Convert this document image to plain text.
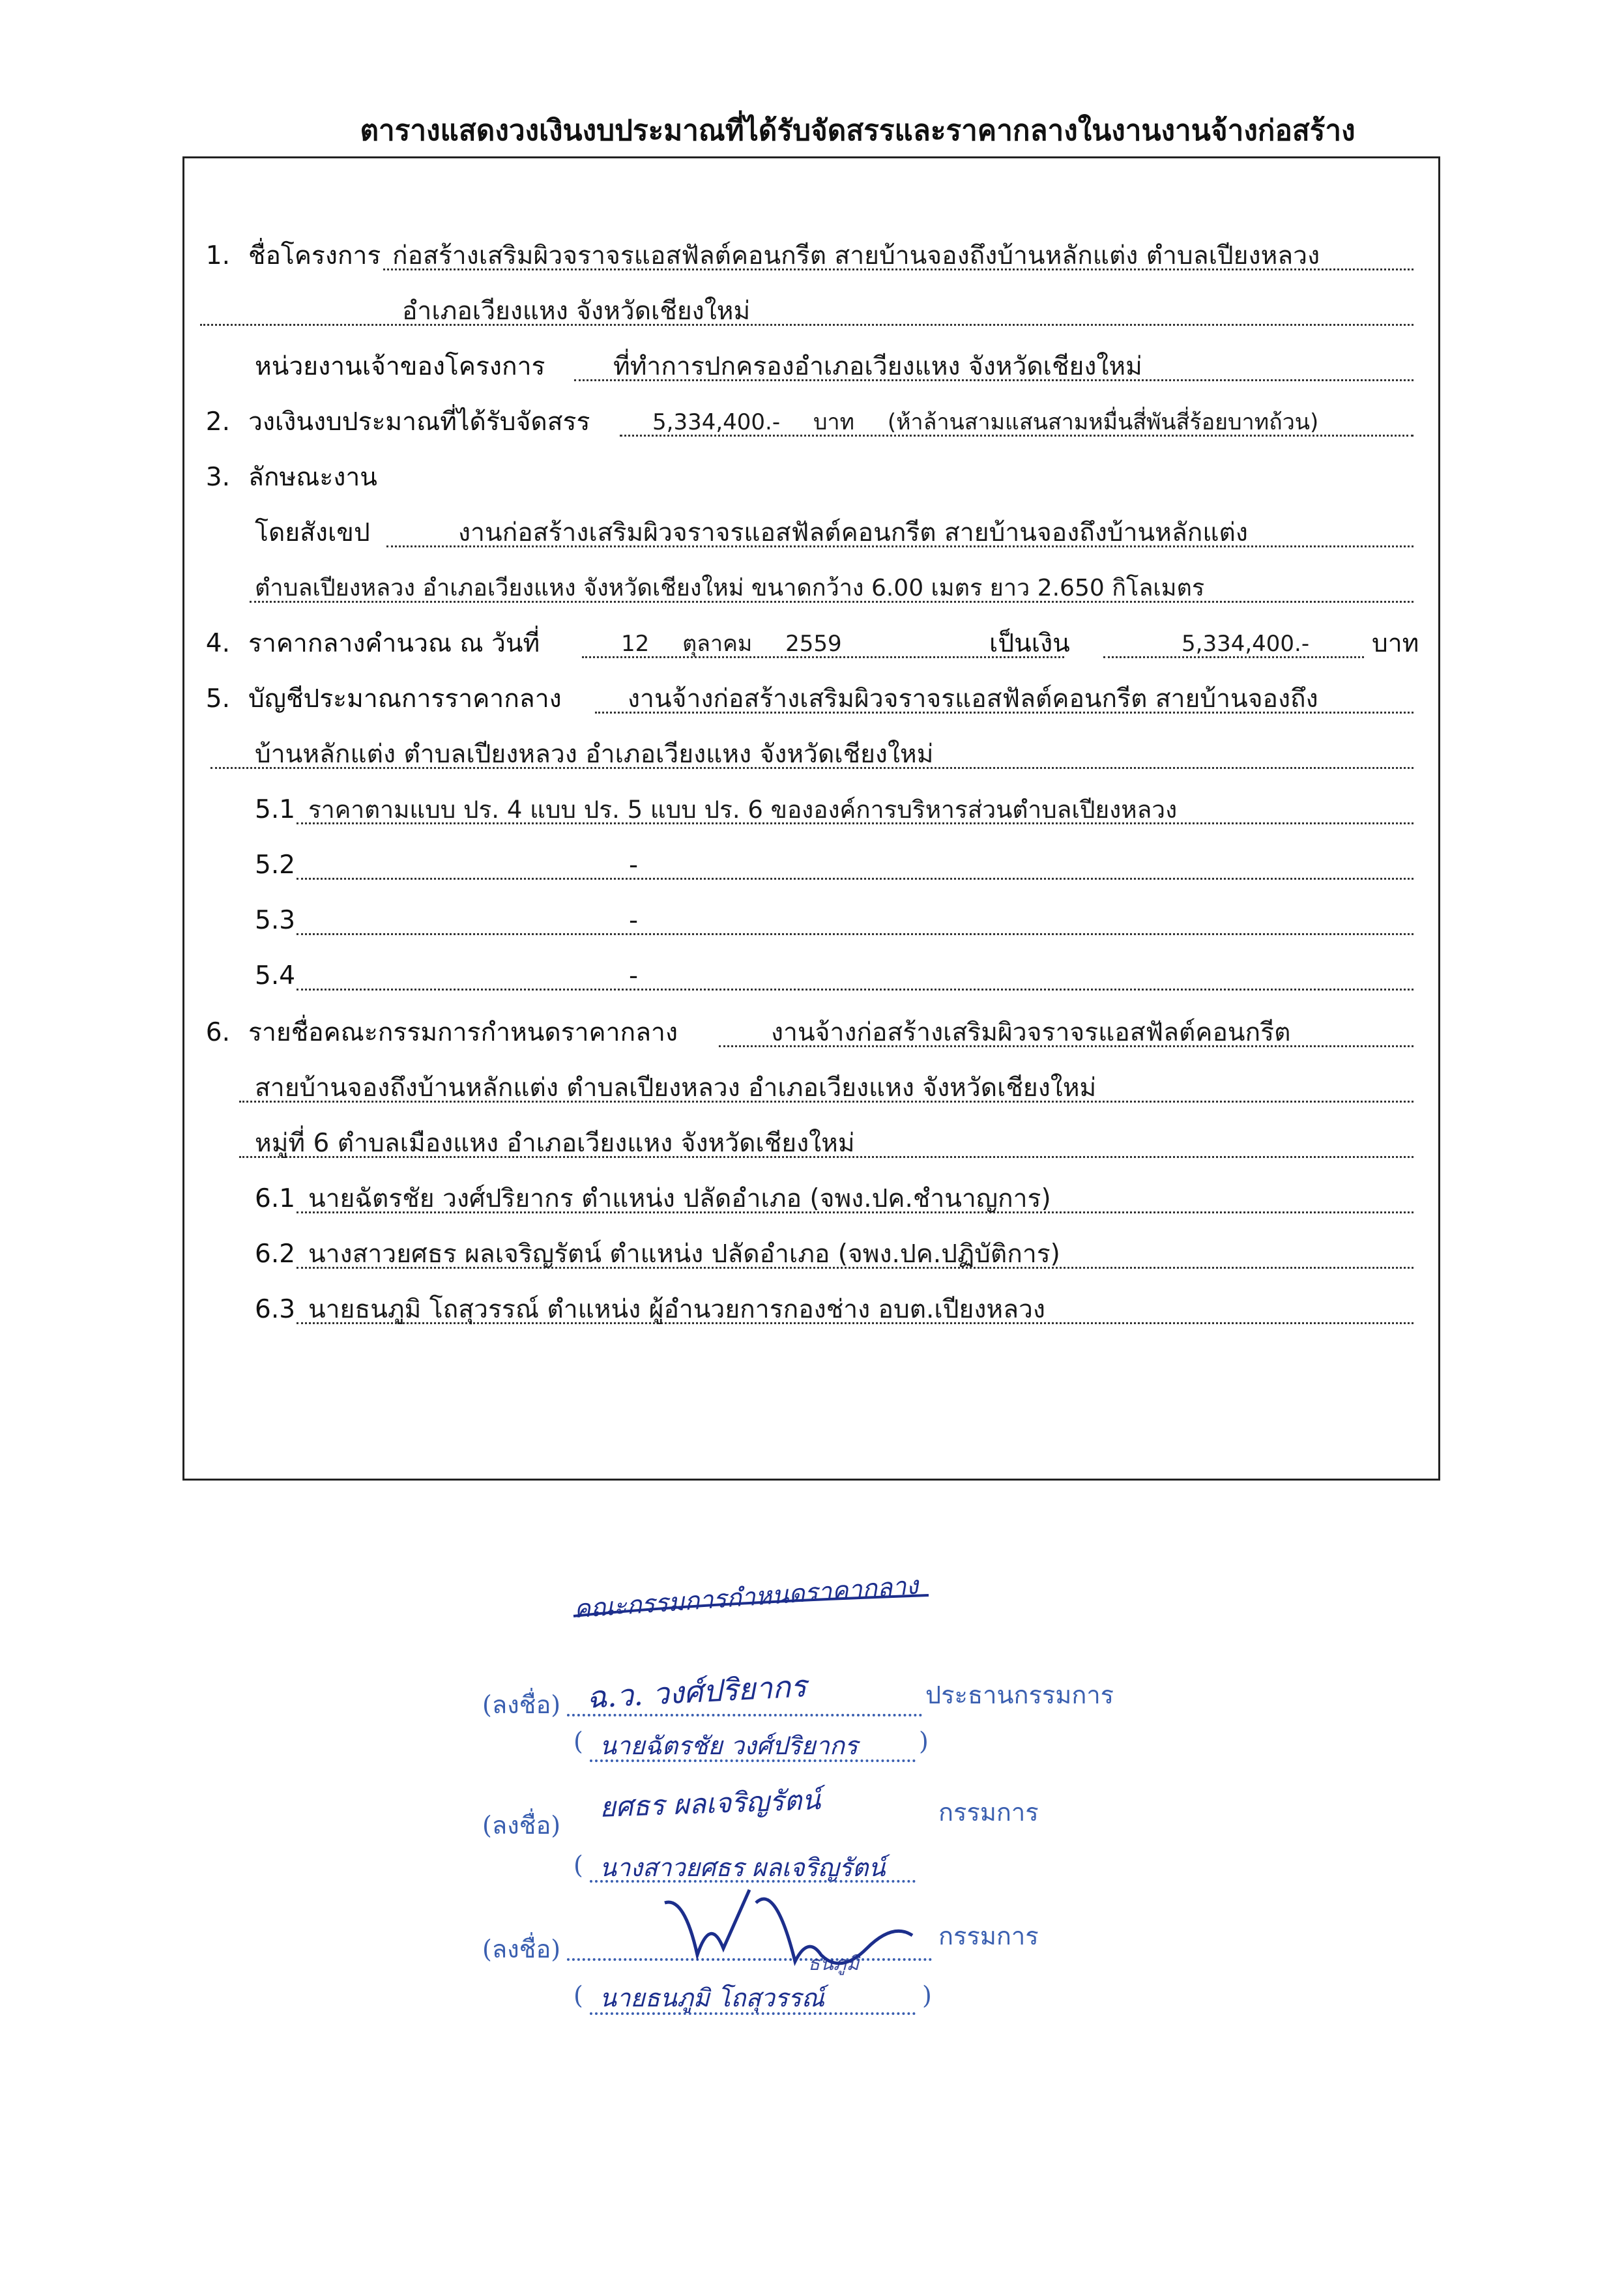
ตารางแสดงวงเงินงบประมาณที่ได้รับจัดสรรและราคากลางในงานงานจ้างก่อสร้าง
1. ชื่อโครงการ ก่อสร้างเสริมผิวจราจรแอสฟัลต์คอนกรีต สายบ้านจองถึงบ้านหลักแต่ง ตำบลเปียงหลวง
อำเภอเวียงแหง จังหวัดเชียงใหม่
หน่วยงานเจ้าของโครงการ	ที่ทำการปกครองอำเภอเวียงแหง จังหวัดเชียงใหม่
2. วงเงินงบประมาณที่ได้รับจัดสรร	5,334,400.- บาท (ห้าล้านสามแสนสามหมื่นสี่พันสี่ร้อยบาทถ้วน)
3. ลักษณะงาน
โดยสังเขป	งานก่อสร้างเสริมผิวจราจรแอสฟัลต์คอนกรีต สายบ้านจองถึงบ้านหลักแต่ง
ตำบลเปียงหลวง อำเภอเวียงแหง จังหวัดเชียงใหม่ ขนาดกว้าง 6.00 เมตร ยาว 2.650 กิโลเมตร
4. ราคากลางคำนวณ ณ วันที่	12 ตุลาคม 2559	เป็นเงิน	5,334,400.-	บาท
5. บัญชีประมาณการราคากลาง	งานจ้างก่อสร้างเสริมผิวจราจรแอสฟัลต์คอนกรีต สายบ้านจองถึง
บ้านหลักแต่ง ตำบลเปียงหลวง อำเภอเวียงแหง จังหวัดเชียงใหม่
5.1 ราคาตามแบบ ปร. 4 แบบ ปร. 5 แบบ ปร. 6 ขององค์การบริหารส่วนตำบลเปียงหลวง
5.2	-
5.3	-
5.4	-
6. รายชื่อคณะกรรมการกำหนดราคากลาง	งานจ้างก่อสร้างเสริมผิวจราจรแอสฟัลต์คอนกรีต
สายบ้านจองถึงบ้านหลักแต่ง ตำบลเปียงหลวง อำเภอเวียงแหง จังหวัดเชียงใหม่
หมู่ที่ 6 ตำบลเมืองแหง อำเภอเวียงแหง จังหวัดเชียงใหม่
6.1 นายฉัตรชัย วงศ์ปริยากร ตำแหน่ง ปลัดอำเภอ (จพง.ปค.ชำนาญการ)
6.2 นางสาวยศธร ผลเจริญรัตน์ ตำแหน่ง ปลัดอำเภอ (จพง.ปค.ปฏิบัติการ)
6.3 นายธนภูมิ โถสุวรรณ์ ตำแหน่ง ผู้อำนวยการกองช่าง อบต.เปียงหลวง
คณะกรรมการกำหนดราคากลาง
(ลงชื่อ) ฉ.ว. วงศ์ปริยากร	ประธานกรรมการ
( นายฉัตรชัย วงศ์ปริยากร )
(ลงชื่อ)
ยศธร ผลเจริญรัตน์	กรรมการ
( นางสาวยศธร ผลเจริญรัตน์
(ลงชื่อ)
ธนภูมิ
กรรมการ
( นายธนภูมิ โถสุวรรณ์	)
